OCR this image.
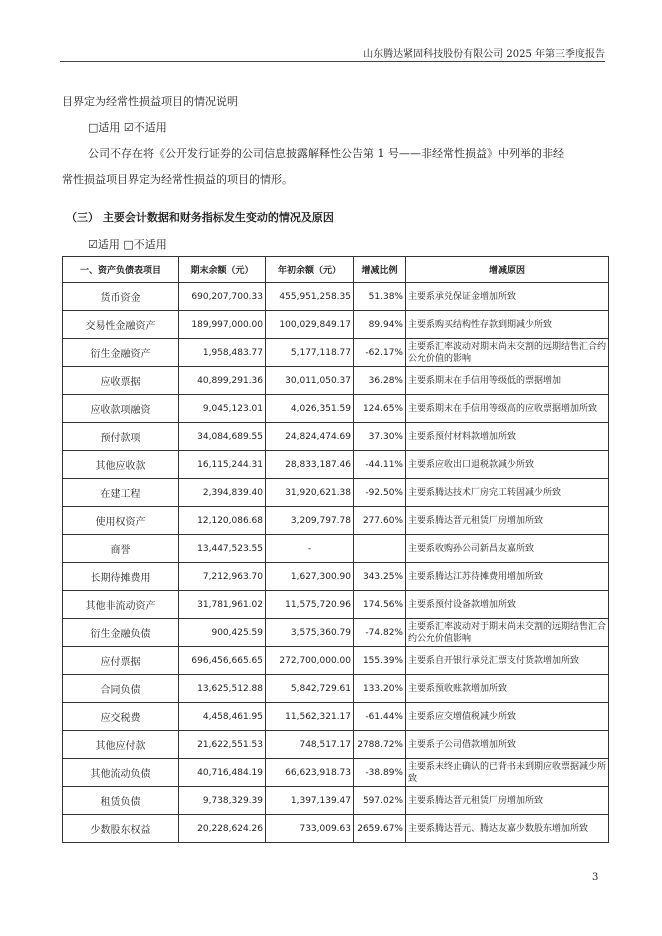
山东腾达紧固科技股份有限公司 2025 年第三季度报告
目界定为经常性损益项目的情况说明
□适用 ☑不适用
公司不存在将《公开发行证券的公司信息披露解释性公告第 1 号——非经常性损益》中列举的非经
常性损益项目界定为经常性损益的项目的情形。
（三） 主要会计数据和财务指标发生变动的情况及原因
☑适用 □不适用
一、资产负债表项目	期末余额（元）	年初余额（元）	增减比例	增减原因
货币资金	690,207,700.33	455,951,258.35	51.38%	主要系承兑保证金增加所致
交易性金融资产	189,997,000.00	100,029,849.17	89.94%	主要系购买结构性存款到期减少所致
衍生金融资产	1,958,483.77	5,177,118.77	-62.17%	主要系汇率波动对期末尚未交割的远期结售汇合约公允价值的影响
应收票据	40,899,291.36	30,011,050.37	36.28%	主要系期末在手信用等级低的票据增加
应收款项融资	9,045,123.01	4,026,351.59	124.65%	主要系期末在手信用等级高的应收票据增加所致
预付款项	34,084,689.55	24,824,474.69	37.30%	主要系预付材料款增加所致
其他应收款	16,115,244.31	28,833,187.46	-44.11%	主要系应收出口退税款减少所致
在建工程	2,394,839.40	31,920,621.38	-92.50%	主要系腾达技术厂房完工转固减少所致
使用权资产	12,120,086.68	3,209,797.78	277.60%	主要系腾达晋元租赁厂房增加所致
商誉	13,447,523.55	-		主要系收购孙公司新昌友嘉所致
长期待摊费用	7,212,963.70	1,627,300.90	343.25%	主要系腾达江苏待摊费用增加所致
其他非流动资产	31,781,961.02	11,575,720.96	174.56%	主要系预付设备款增加所致
衍生金融负债	900,425.59	3,575,360.79	-74.82%	主要系汇率波动对于期末尚未交割的远期结售汇合约公允价值影响
应付票据	696,456,665.65	272,700,000.00	155.39%	主要系自开银行承兑汇票支付货款增加所致
合同负债	13,625,512.88	5,842,729.61	133.20%	主要系预收账款增加所致
应交税费	4,458,461.95	11,562,321.17	-61.44%	主要系应交增值税减少所致
其他应付款	21,622,551.53	748,517.17	2788.72%	主要系子公司借款增加所致
其他流动负债	40,716,484.19	66,623,918.73	-38.89%	主要系未终止确认的已背书未到期应收票据减少所致
租赁负债	9,738,329.39	1,397,139.47	597.02%	主要系腾达晋元租赁厂房增加所致
少数股东权益	20,228,624.26	733,009.63	2659.67%	主要系腾达晋元、腾达友嘉少数股东增加所致
3
